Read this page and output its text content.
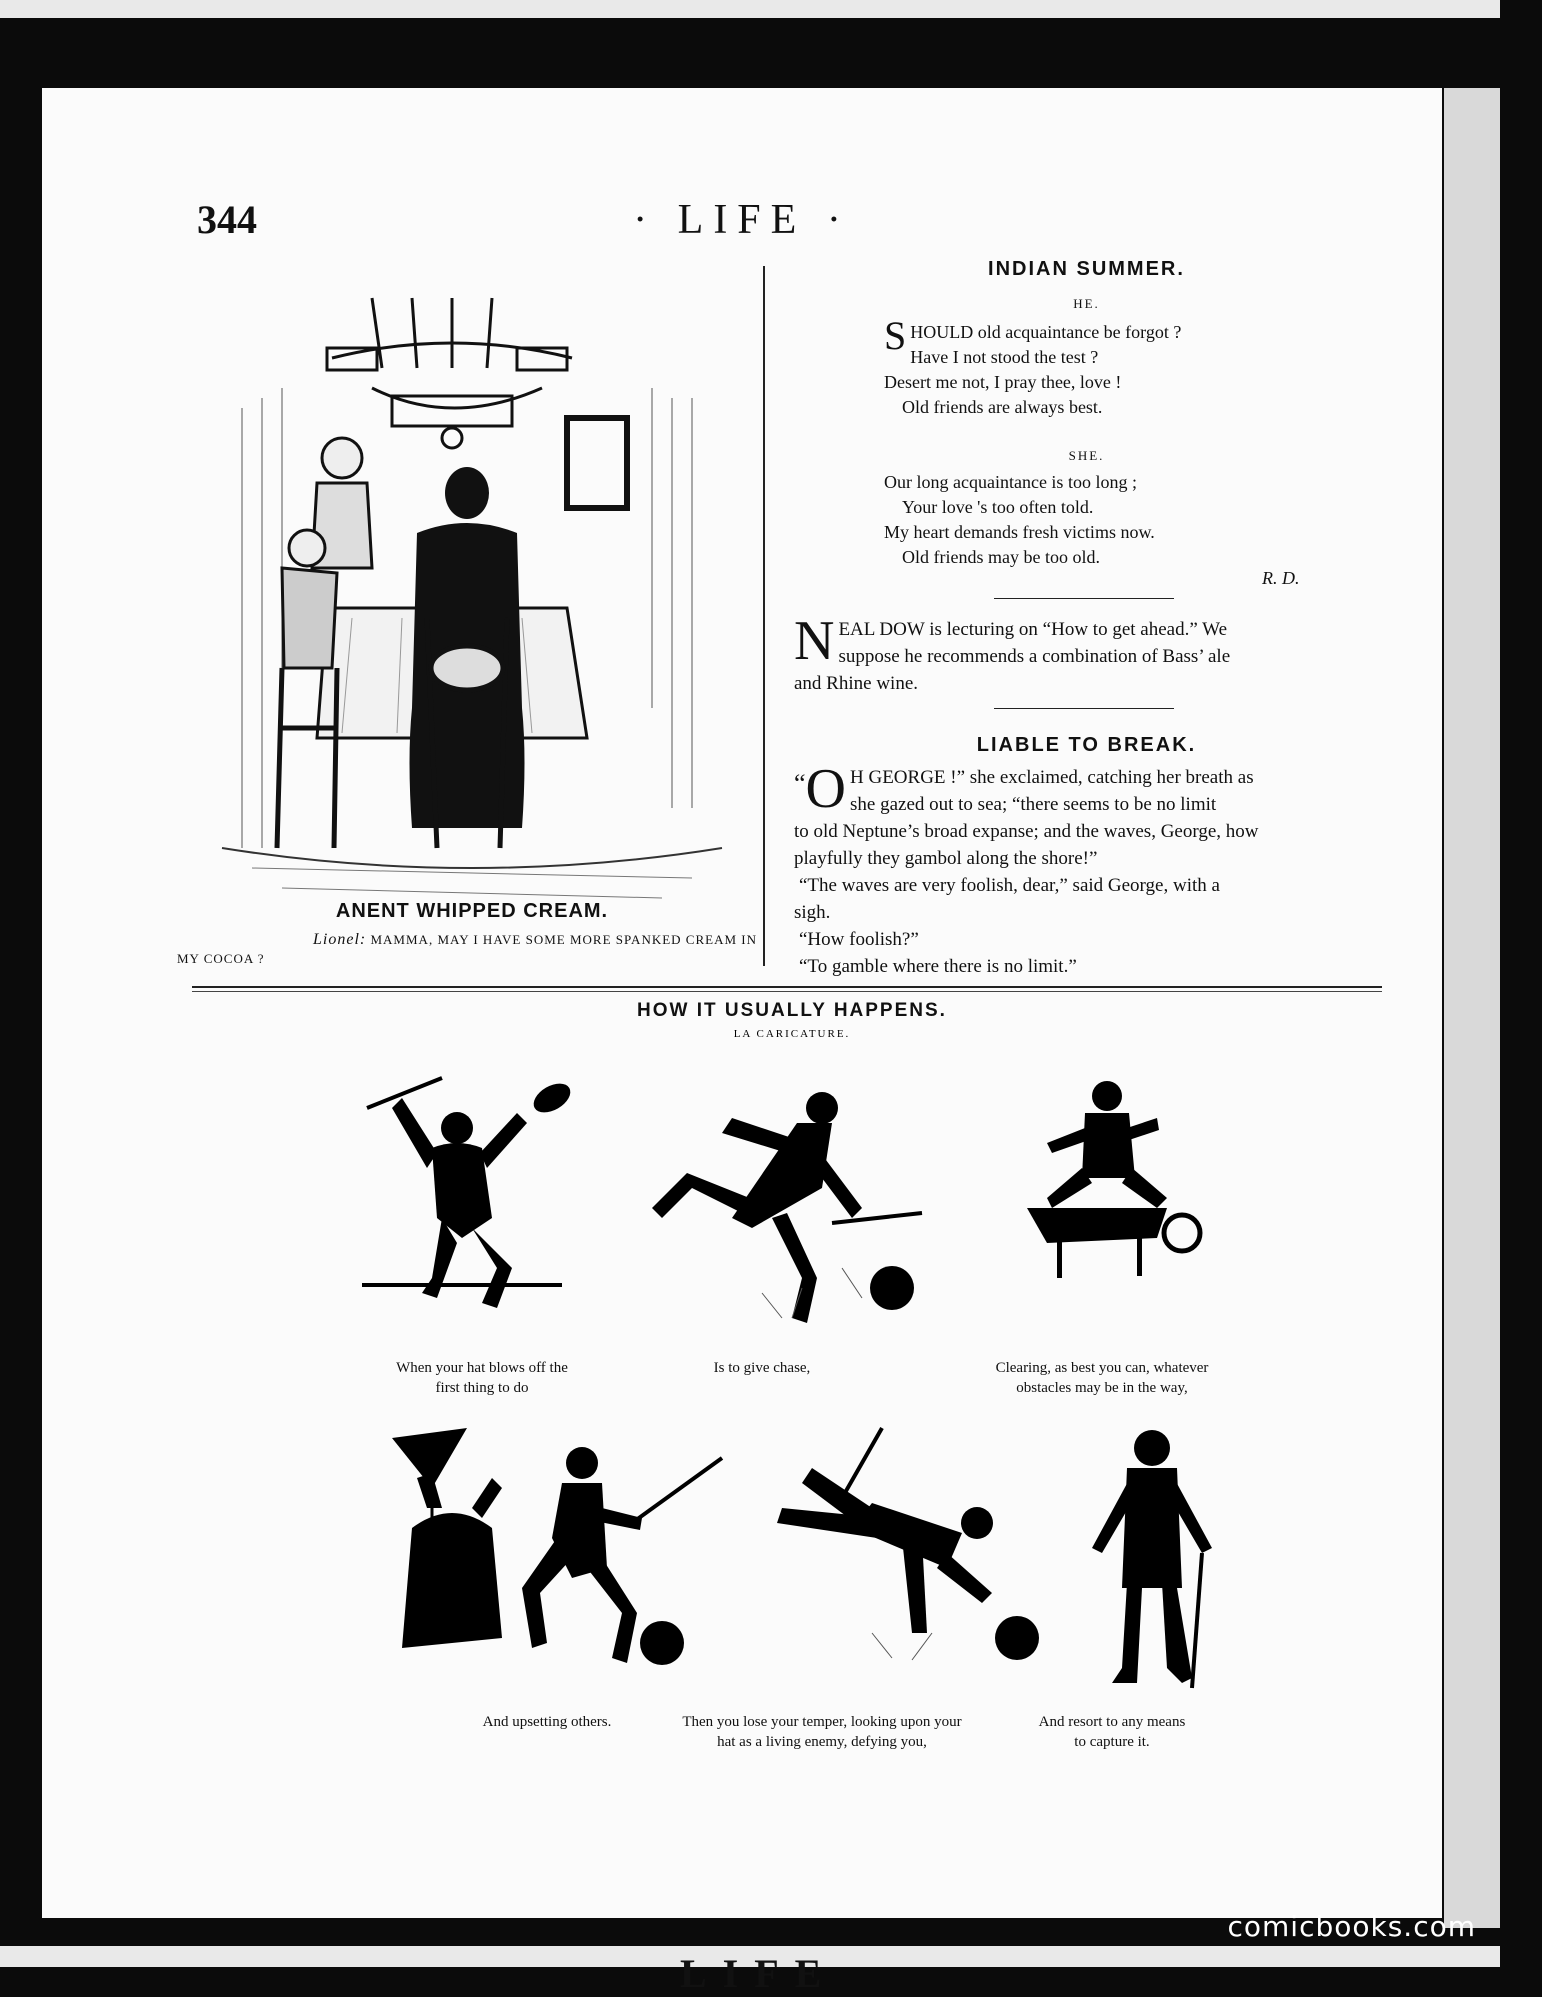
LIFE
344	· LIFE ·
ANENT WHIPPED CREAM.
Lionel: MAMMA, MAY I HAVE SOME MORE SPANKED CREAM IN
MY COCOA ?
INDIAN SUMMER.
HE.
SHOULD old acquaintance be forgot ?
Have I not stood the test ?
Desert me not, I pray thee, love !
Old friends are always best.
SHE.
Our long acquaintance is too long ;
Your love 's too often told.
My heart demands fresh victims now.
Old friends may be too old.
R. D.
N EAL DOW is lecturing on “How to get ahead.” We
suppose he recommends a combination of Bass’ ale
and Rhine wine.
LIABLE TO BREAK.
“ O H GEORGE !” she exclaimed, catching her breath as
she gazed out to sea; “there seems to be no limit
to old Neptune’s broad expanse; and the waves, George, how
playfully they gambol along the shore!”
“The waves are very foolish, dear,” said George, with a
sigh.
“How foolish?”
“To gamble where there is no limit.”
HOW IT USUALLY HAPPENS.
LA CARICATURE.
When your hat blows off the
first thing to do
Is to give chase,	Clearing, as best you can, whatever
obstacles may be in the way,
And upsetting others.	Then you lose your temper, looking upon your
hat as a living enemy, defying you,
And resort to any means
to capture it.
comicbooks.com
